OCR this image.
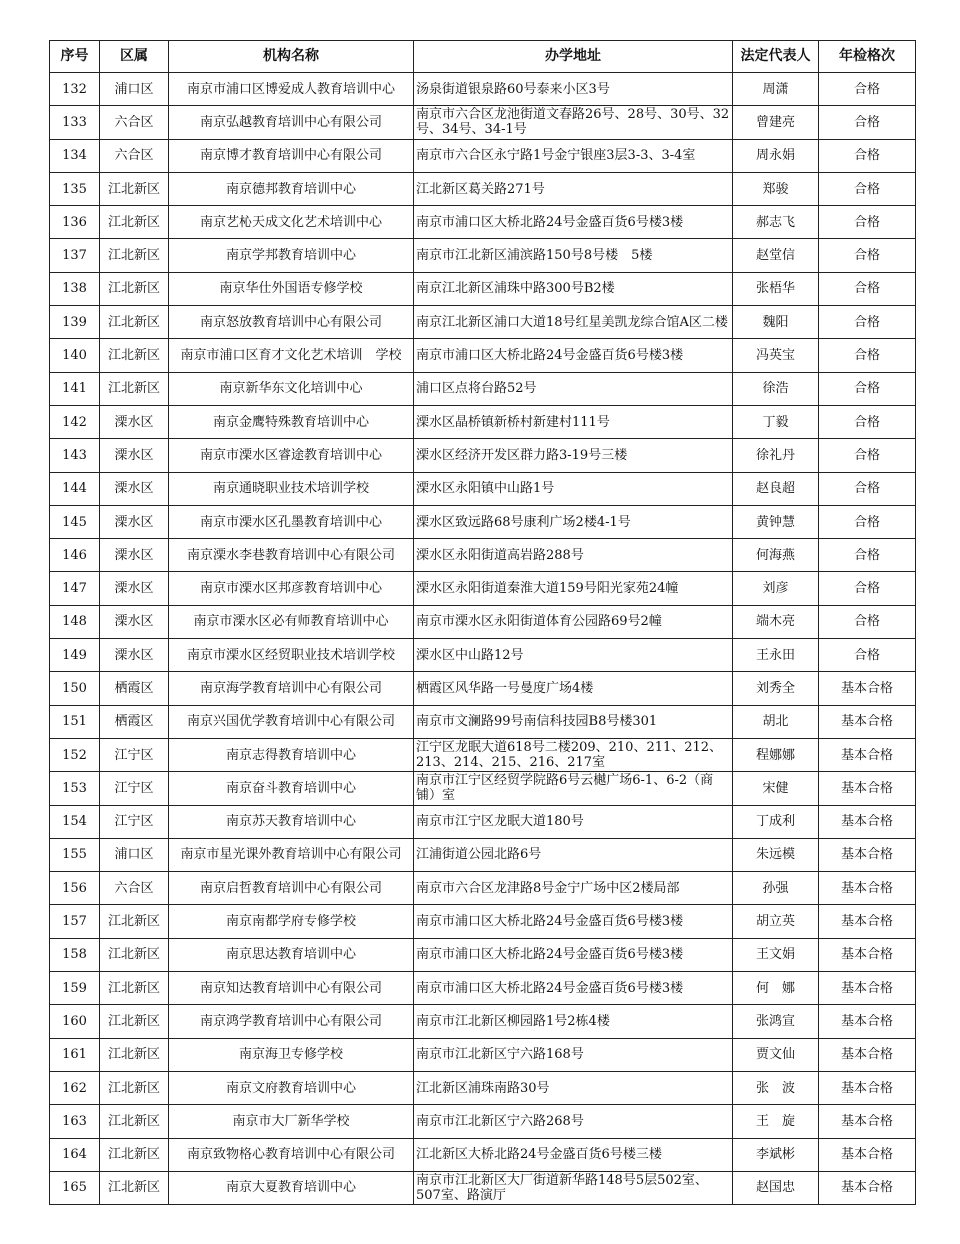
序号	区属	机构名称	办学地址	法定代表人	年检格次

132	浦口区	南京市浦口区博爱成人教育培训中心	汤泉街道银泉路60号泰来小区3号	周潇	合格

133	六合区	南京弘越教育培训中心有限公司	南京市六合区龙池街道文春路26号、28号、30号、32号、34号、34-1号	曾建亮	合格

134	六合区	南京博才教育培训中心有限公司	南京市六合区永宁路1号金宁银座3层3-3、3-4室	周永娟	合格

135	江北新区	南京德邦教育培训中心	江北新区葛关路271号	郑骏	合格

136	江北新区	南京艺杺天成文化艺术培训中心	南京市浦口区大桥北路24号金盛百货6号楼3楼	郝志飞	合格

137	江北新区	南京学邦教育培训中心	南京市江北新区浦滨路150号8号楼　5楼	赵堂信	合格

138	江北新区	南京华仕外国语专修学校	南京江北新区浦珠中路300号B2楼	张梧华	合格

139	江北新区	南京怒放教育培训中心有限公司	南京江北新区浦口大道18号红星美凯龙综合馆A区二楼	魏阳	合格

140	江北新区	南京市浦口区育才文化艺术培训　学校	南京市浦口区大桥北路24号金盛百货6号楼3楼	冯英宝	合格

141	江北新区	南京新华东文化培训中心	浦口区点将台路52号	徐浩	合格

142	溧水区	南京金鹰特殊教育培训中心	溧水区晶桥镇新桥村新建村111号	丁毅	合格

143	溧水区	南京市溧水区睿途教育培训中心	溧水区经济开发区群力路3-19号三楼	徐礼丹	合格

144	溧水区	南京通晓职业技术培训学校	溧水区永阳镇中山路1号	赵良超	合格

145	溧水区	南京市溧水区孔墨教育培训中心	溧水区致远路68号康利广场2楼4-1号	黄钟慧	合格

146	溧水区	南京溧水李巷教育培训中心有限公司	溧水区永阳街道高岩路288号	何海燕	合格

147	溧水区	南京市溧水区邦彦教育培训中心	溧水区永阳街道秦淮大道159号阳光家苑24幢	刘彦	合格

148	溧水区	南京市溧水区必有师教育培训中心	南京市溧水区永阳街道体育公园路69号2幢	端木亮	合格

149	溧水区	南京市溧水区经贸职业技术培训学校	溧水区中山路12号	王永田	合格

150	栖霞区	南京海学教育培训中心有限公司	栖霞区风华路一号曼度广场4楼	刘秀全	基本合格

151	栖霞区	南京兴国优学教育培训中心有限公司	南京市文澜路99号南信科技园B8号楼301	胡北	基本合格

152	江宁区	南京志得教育培训中心	江宁区龙眠大道618号二楼209、210、211、212、213、214、215、216、217室	程娜娜	基本合格

153	江宁区	南京奋斗教育培训中心	南京市江宁区经贸学院路6号云樾广场6-1、6-2（商铺）室	宋健	基本合格

154	江宁区	南京苏天教育培训中心	南京市江宁区龙眠大道180号	丁成利	基本合格

155	浦口区	南京市星光课外教育培训中心有限公司	江浦街道公园北路6号	朱远模	基本合格

156	六合区	南京启哲教育培训中心有限公司	南京市六合区龙津路8号金宁广场中区2楼局部	孙强	基本合格

157	江北新区	南京南都学府专修学校	南京市浦口区大桥北路24号金盛百货6号楼3楼	胡立英	基本合格

158	江北新区	南京思达教育培训中心	南京市浦口区大桥北路24号金盛百货6号楼3楼	王文娟	基本合格

159	江北新区	南京知达教育培训中心有限公司	南京市浦口区大桥北路24号金盛百货6号楼3楼	何　娜	基本合格

160	江北新区	南京鸿学教育培训中心有限公司	南京市江北新区柳园路1号2栋4楼	张鸿宣	基本合格

161	江北新区	南京海卫专修学校	南京市江北新区宁六路168号	贾文仙	基本合格

162	江北新区	南京文府教育培训中心	江北新区浦珠南路30号	张　波	基本合格

163	江北新区	南京市大厂新华学校	南京市江北新区宁六路268号	王　旋	基本合格

164	江北新区	南京致物格心教育培训中心有限公司	江北新区大桥北路24号金盛百货6号楼三楼	李斌彬	基本合格

165	江北新区	南京大夏教育培训中心	南京市江北新区大厂街道新华路148号5层502室、507室、路演厅	赵国忠	基本合格
